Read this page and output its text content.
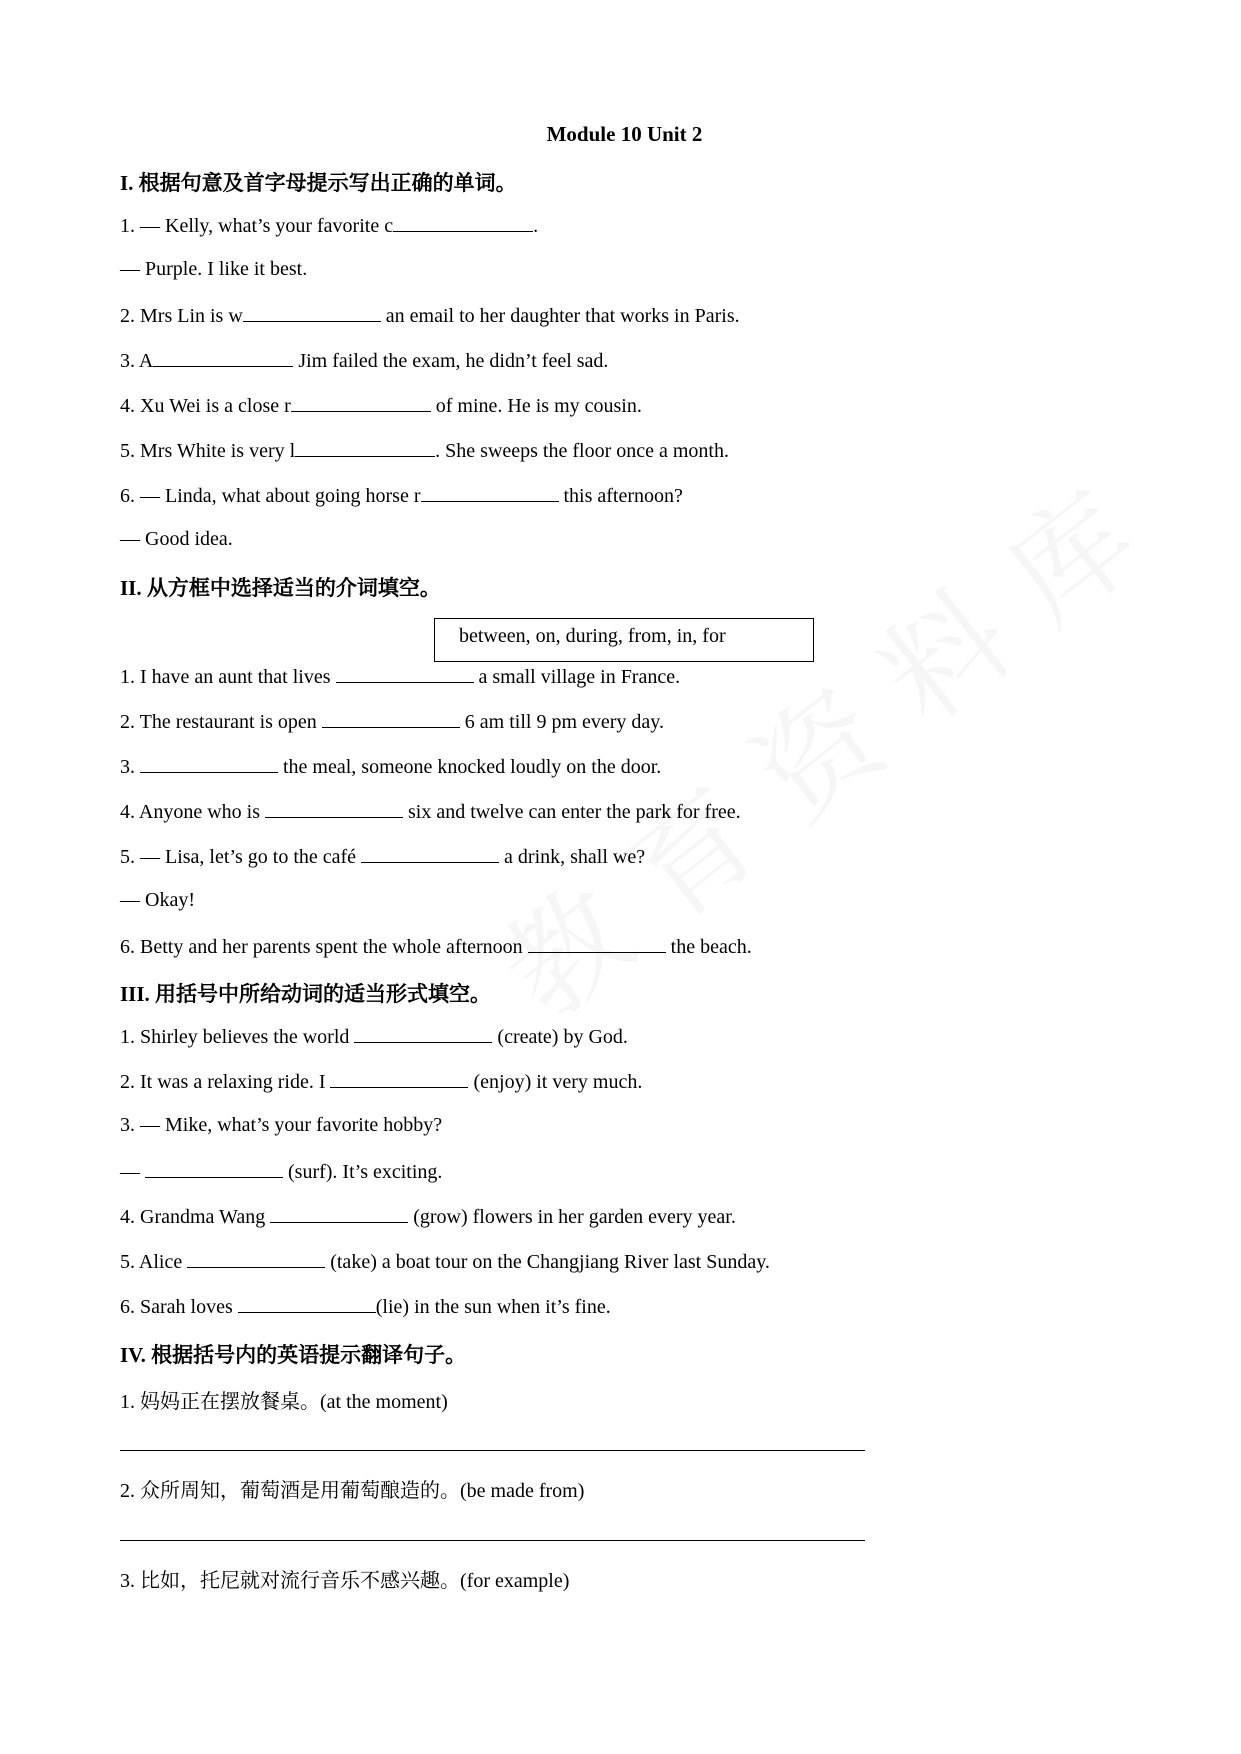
Module 10 Unit 2

I. 根据句意及首字母提示写出正确的单词。

1. — Kelly, what’s your favorite c	.

— Purple. I like it best.

2. Mrs Lin is w	an email to her daughter that works in Paris.

3. A	Jim failed the exam, he didn’t feel sad.

4. Xu Wei is a close r	of mine. He is my cousin.

5. Mrs White is very l	. She sweeps the floor once a month.

6. — Linda, what about going horse r	this afternoon?

— Good idea.

II. 从方框中选择适当的介词填空。

between, on, during, from, in, for

1. I have an aunt that lives	a small village in France.

2. The restaurant is open	6 am till 9 pm every day.

3.	the meal, someone knocked loudly on the door.

4. Anyone who is	six and twelve can enter the park for free.

5. — Lisa, let’s go to the café	a drink, shall we?

— Okay!

6. Betty and her parents spent the whole afternoon	the beach.

III. 用括号中所给动词的适当形式填空。

1. Shirley believes the world	(create) by God.

2. It was a relaxing ride. I	(enjoy) it very much.

3. — Mike, what’s your favorite hobby?

—	(surf). It’s exciting.

4. Grandma Wang	(grow) flowers in her garden every year.

5. Alice	(take) a boat tour on the Changjiang River last Sunday.

6. Sarah loves	(lie) in the sun when it’s fine.

IV. 根据括号内的英语提示翻译句子。

1. 妈妈正在摆放餐桌。(at the moment)

2. 众所周知，葡萄酒是用葡萄酿造的。(be made from)

3. 比如，托尼就对流行音乐不感兴趣。(for example)
